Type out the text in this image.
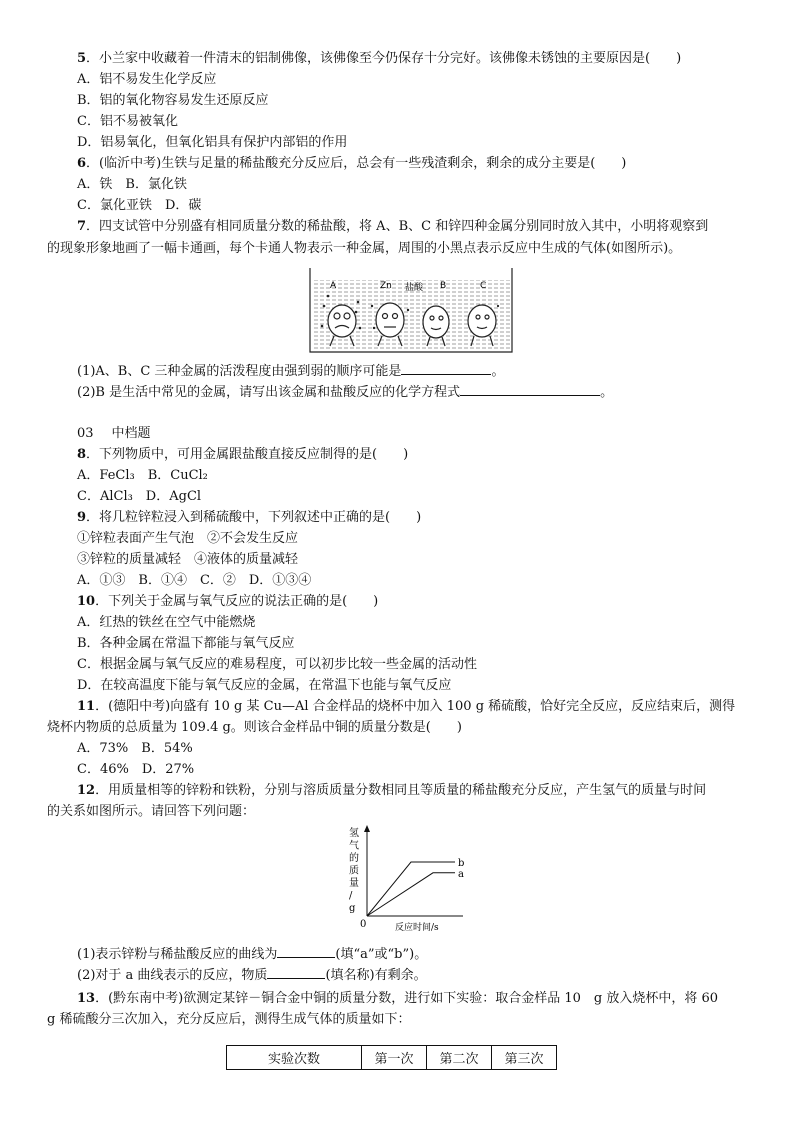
5．小兰家中收藏着一件清末的铝制佛像，该佛像至今仍保存十分完好。该佛像未锈蚀的主要原因是(　　)
A．铝不易发生化学反应
B．铝的氧化物容易发生还原反应
C．铝不易被氧化
D．铝易氧化，但氧化铝具有保护内部铝的作用
6．(临沂中考)生铁与足量的稀盐酸充分反应后，总会有一些残渣剩余，剩余的成分主要是(　　)
A．铁　B．氯化铁
C．氯化亚铁　D．碳
7．四支试管中分别盛有相同质量分数的稀盐酸，将 A、B、C 和锌四种金属分别同时放入其中，小明将观察到
的现象形象地画了一幅卡通画，每个卡通人物表示一种金属，周围的小黑点表示反应中生成的气体(如图所示)。
A	Zn 盐酸 B	C
(1)A、B、C 三种金属的活泼程度由强到弱的顺序可能是	。
(2)B 是生活中常见的金属，请写出该金属和盐酸反应的化学方程式	。
03 中档题
8．下列物质中，可用金属跟盐酸直接反应制得的是(　　)
A．FeCl₃　B．CuCl₂
C．AlCl₃　D．AgCl
9．将几粒锌粒浸入到稀硫酸中，下列叙述中正确的是(　　)
①锌粒表面产生气泡　②不会发生反应
③锌粒的质量减轻　④液体的质量减轻
A．①③　B．①④　C．②　D．①③④
10．下列关于金属与氧气反应的说法正确的是(　　)
A．红热的铁丝在空气中能燃烧
B．各种金属在常温下都能与氧气反应
C．根据金属与氧气反应的难易程度，可以初步比较一些金属的活动性
D．在较高温度下能与氧气反应的金属，在常温下也能与氧气反应
11．(德阳中考)向盛有 10 g 某 Cu—Al 合金样品的烧杯中加入 100 g 稀硫酸，恰好完全反应，反应结束后，测得
烧杯内物质的总质量为 109.4 g。则该合金样品中铜的质量分数是(　　)
A．73%　B．54%
C．46%　D．27%
12．用质量相等的锌粉和铁粉，分别与溶质质量分数相同且等质量的稀盐酸充分反应，产生氢气的质量与时间
的关系如图所示。请回答下列问题：
氢
气
的
质
量
/
g
0	反应时间/s
b
a
(1)表示锌粉与稀盐酸反应的曲线为	(填“a”或“b”)。
(2)对于 a 曲线表示的反应，物质	(填名称)有剩余。
13．(黔东南中考)欲测定某锌－铜合金中铜的质量分数，进行如下实验：取合金样品 10　g 放入烧杯中，将 60
g 稀硫酸分三次加入，充分反应后，测得生成气体的质量如下：
实验次数	第一次	第二次	第三次
